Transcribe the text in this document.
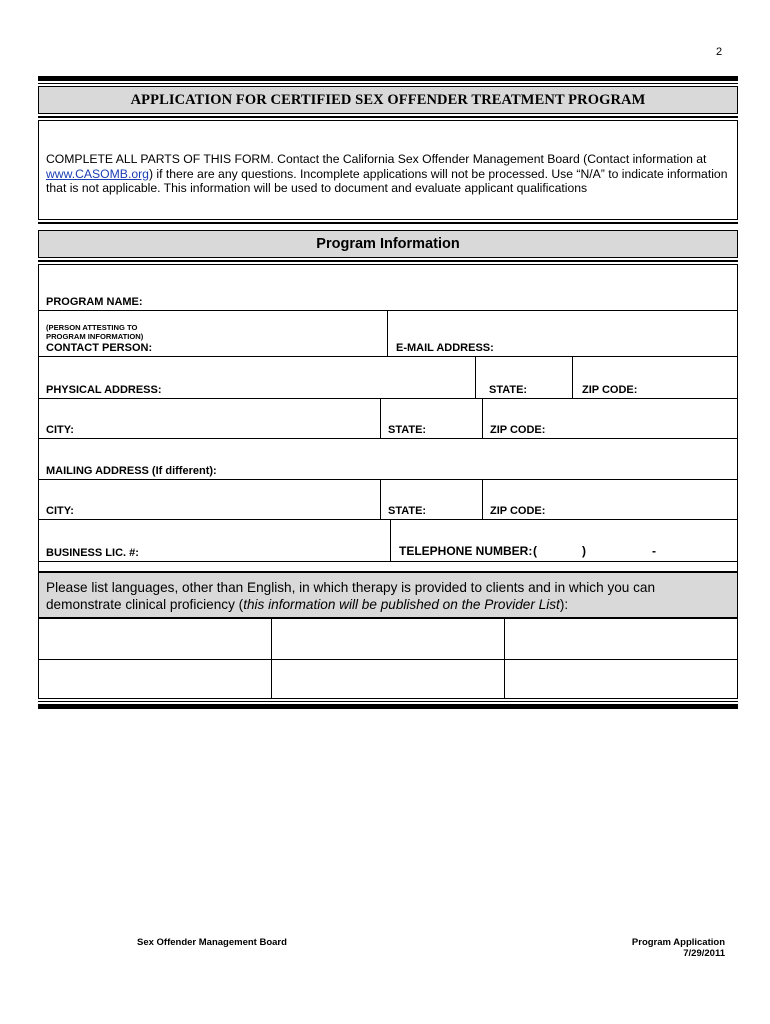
2
APPLICATION FOR CERTIFIED SEX OFFENDER TREATMENT PROGRAM
COMPLETE ALL PARTS OF THIS FORM. Contact the California Sex Offender Management Board (Contact information at www.CASOMB.org) if there are any questions. Incomplete applications will not be processed. Use “N/A” to indicate information that is not applicable. This information will be used to document and evaluate applicant qualifications
Program Information
PROGRAM NAME:
(PERSON ATTESTING TO
PROGRAM INFORMATION)
CONTACT PERSON:	E-MAIL ADDRESS:
PHYSICAL ADDRESS:	STATE:	ZIP CODE:
CITY:	STATE:	ZIP CODE:
MAILING ADDRESS (If different):
CITY:	STATE:	ZIP CODE:
BUSINESS LIC. #:	TELEPHONE NUMBER: (	)	-
Please list languages, other than English, in which therapy is provided to clients and in which you can demonstrate clinical proficiency (this information will be published on the Provider List):
Sex Offender Management Board	Program Application
7/29/2011
